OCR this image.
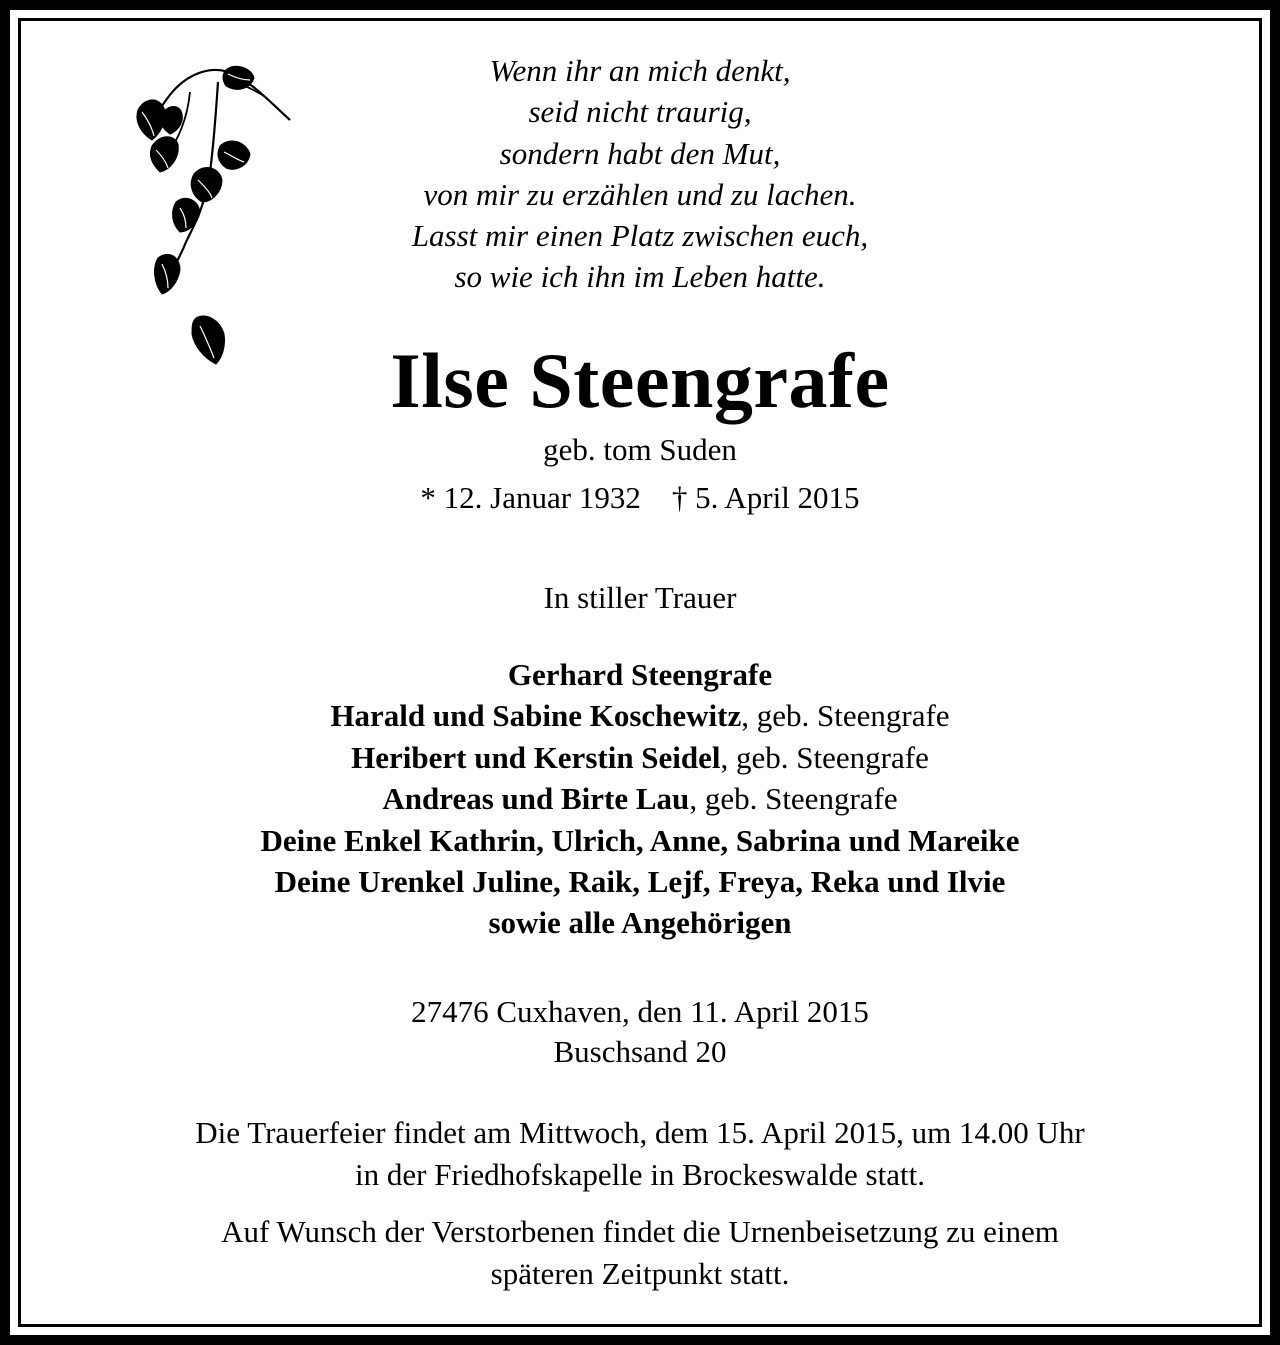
Wenn ihr an mich denkt,
seid nicht traurig,
sondern habt den Mut,
von mir zu erzählen und zu lachen.
Lasst mir einen Platz zwischen euch,
so wie ich ihn im Leben hatte.
Ilse Steengrafe
geb. tom Suden
* 12. Januar 1932 † 5. April 2015
In stiller Trauer
Gerhard Steengrafe
Harald und Sabine Koschewitz, geb. Steengrafe
Heribert und Kerstin Seidel, geb. Steengrafe
Andreas und Birte Lau, geb. Steengrafe
Deine Enkel Kathrin, Ulrich, Anne, Sabrina und Mareike
Deine Urenkel Juline, Raik, Lejf, Freya, Reka und Ilvie
sowie alle Angehörigen
27476 Cuxhaven, den 11. April 2015
Buschsand 20
Die Trauerfeier findet am Mittwoch, dem 15. April 2015, um 14.00 Uhr
in der Friedhofskapelle in Brockeswalde statt.
Auf Wunsch der Verstorbenen findet die Urnenbeisetzung zu einem
späteren Zeitpunkt statt.
